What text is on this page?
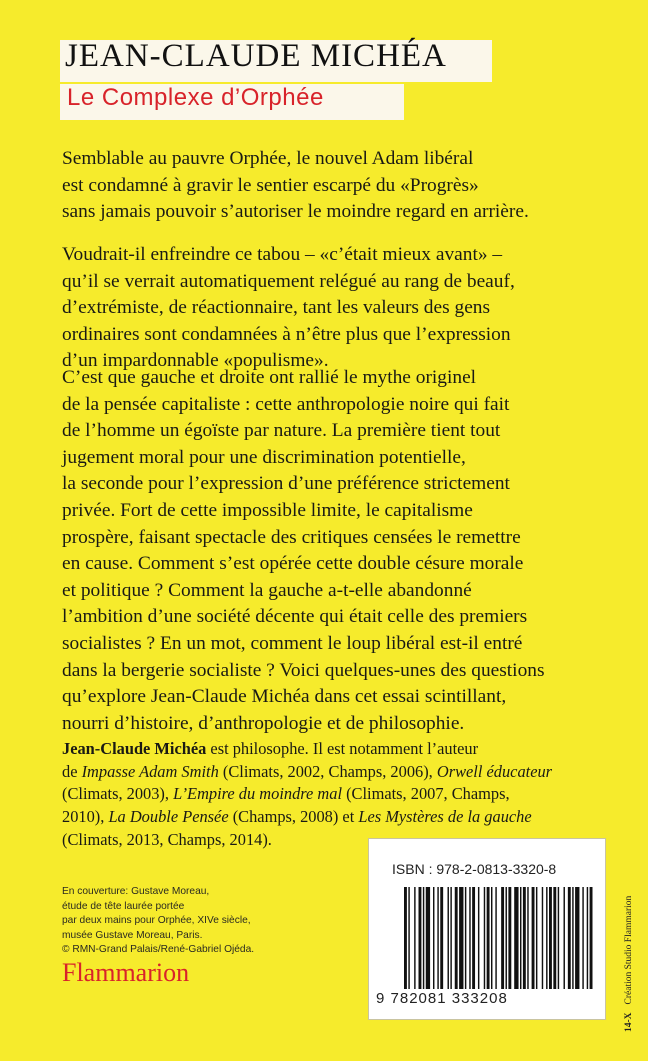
JEAN-CLAUDE MICHÉA
Le Complexe d’Orphée
Semblable au pauvre Orphée, le nouvel Adam libéral
est condamné à gravir le sentier escarpé du «Progrès»
sans jamais pouvoir s’autoriser le moindre regard en arrière.
Voudrait-il enfreindre ce tabou – «c’était mieux avant» –
qu’il se verrait automatiquement relégué au rang de beauf,
d’extrémiste, de réactionnaire, tant les valeurs des gens
ordinaires sont condamnées à n’être plus que l’expression
d’un impardonnable «populisme».
C’est que gauche et droite ont rallié le mythe originel
de la pensée capitaliste : cette anthropologie noire qui fait
de l’homme un égoïste par nature. La première tient tout
jugement moral pour une discrimination potentielle,
la seconde pour l’expression d’une préférence strictement
privée. Fort de cette impossible limite, le capitalisme
prospère, faisant spectacle des critiques censées le remettre
en cause. Comment s’est opérée cette double césure morale
et politique ? Comment la gauche a-t-elle abandonné
l’ambition d’une société décente qui était celle des premiers
socialistes ? En un mot, comment le loup libéral est-il entré
dans la bergerie socialiste ? Voici quelques-unes des questions
qu’explore Jean-Claude Michéa dans cet essai scintillant,
nourri d’histoire, d’anthropologie et de philosophie.
Jean-Claude Michéa est philosophe. Il est notamment l’auteur
de Impasse Adam Smith (Climats, 2002, Champs, 2006), Orwell éducateur
(Climats, 2003), L’Empire du moindre mal (Climats, 2007, Champs,
2010), La Double Pensée (Champs, 2008) et Les Mystères de la gauche
(Climats, 2013, Champs, 2014).
En couverture: Gustave Moreau,
étude de tête laurée portée
par deux mains pour Orphée, XIVe siècle,
musée Gustave Moreau, Paris.
© RMN-Grand Palais/René-Gabriel Ojéda.
Flammarion
ISBN : 978-2-0813-3320-8
9 782081 333208
14-XCréation Studio Flammarion
